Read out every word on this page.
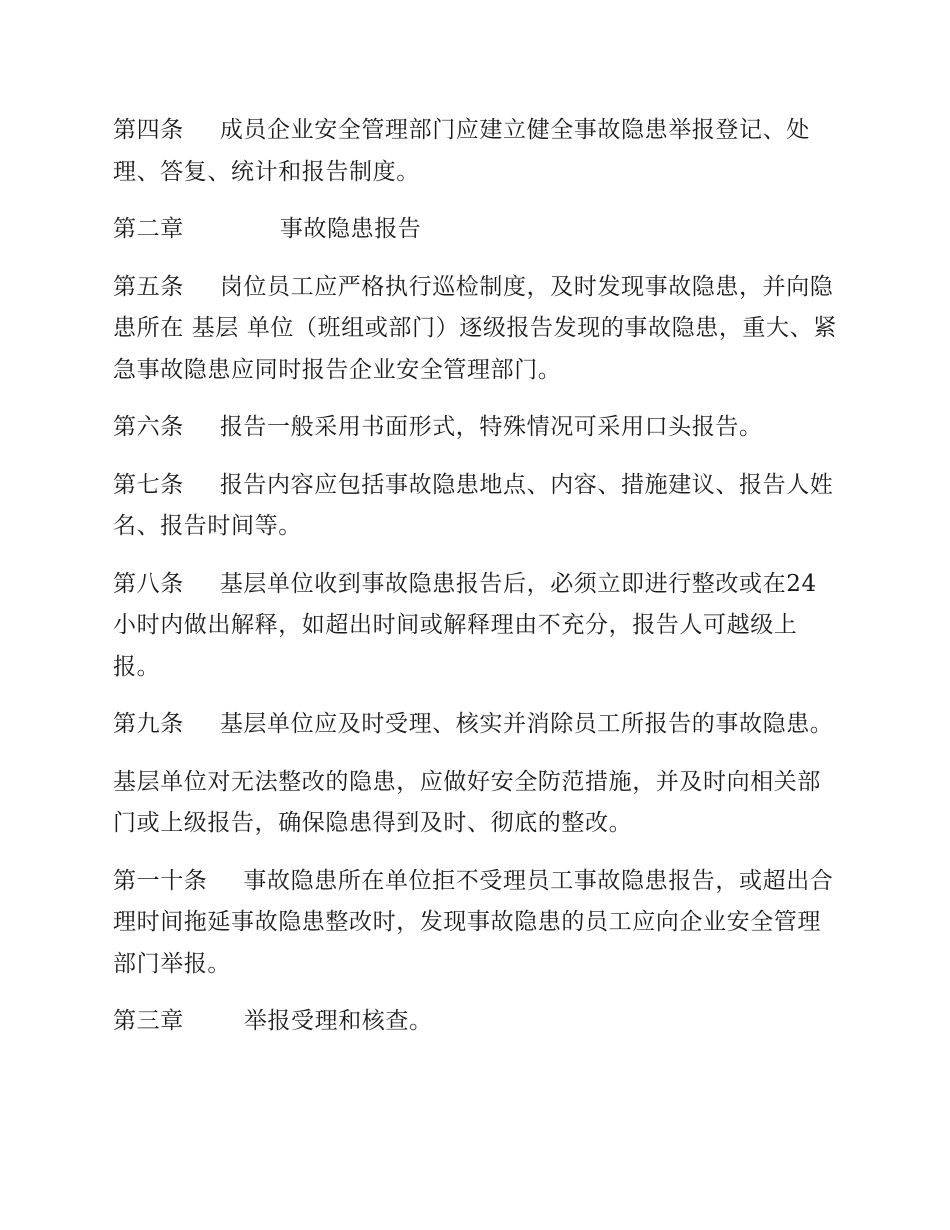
第四条 成员企业安全管理部门应建立健全事故隐患举报登记、处理、答复、统计和报告制度。

第二章	事故隐患报告

第五条 岗位员工应严格执行巡检制度，及时发现事故隐患，并向隐患所在 基层 单位（班组或部门）逐级报告发现的事故隐患，重大、紧急事故隐患应同时报告企业安全管理部门。

第六条 报告一般采用书面形式，特殊情况可采用口头报告。

第七条 报告内容应包括事故隐患地点、内容、措施建议、报告人姓名、报告时间等。

第八条 基层单位收到事故隐患报告后，必须立即进行整改或在24 小时内做出解释，如超出时间或解释理由不充分，报告人可越级上报。

第九条 基层单位应及时受理、核实并消除员工所报告的事故隐患。

基层单位对无法整改的隐患，应做好安全防范措施，并及时向相关部门或上级报告，确保隐患得到及时、彻底的整改。

第一十条 事故隐患所在单位拒不受理员工事故隐患报告，或超出合理时间拖延事故隐患整改时，发现事故隐患的员工应向企业安全管理部门举报。

第三章	举报受理和核查。
